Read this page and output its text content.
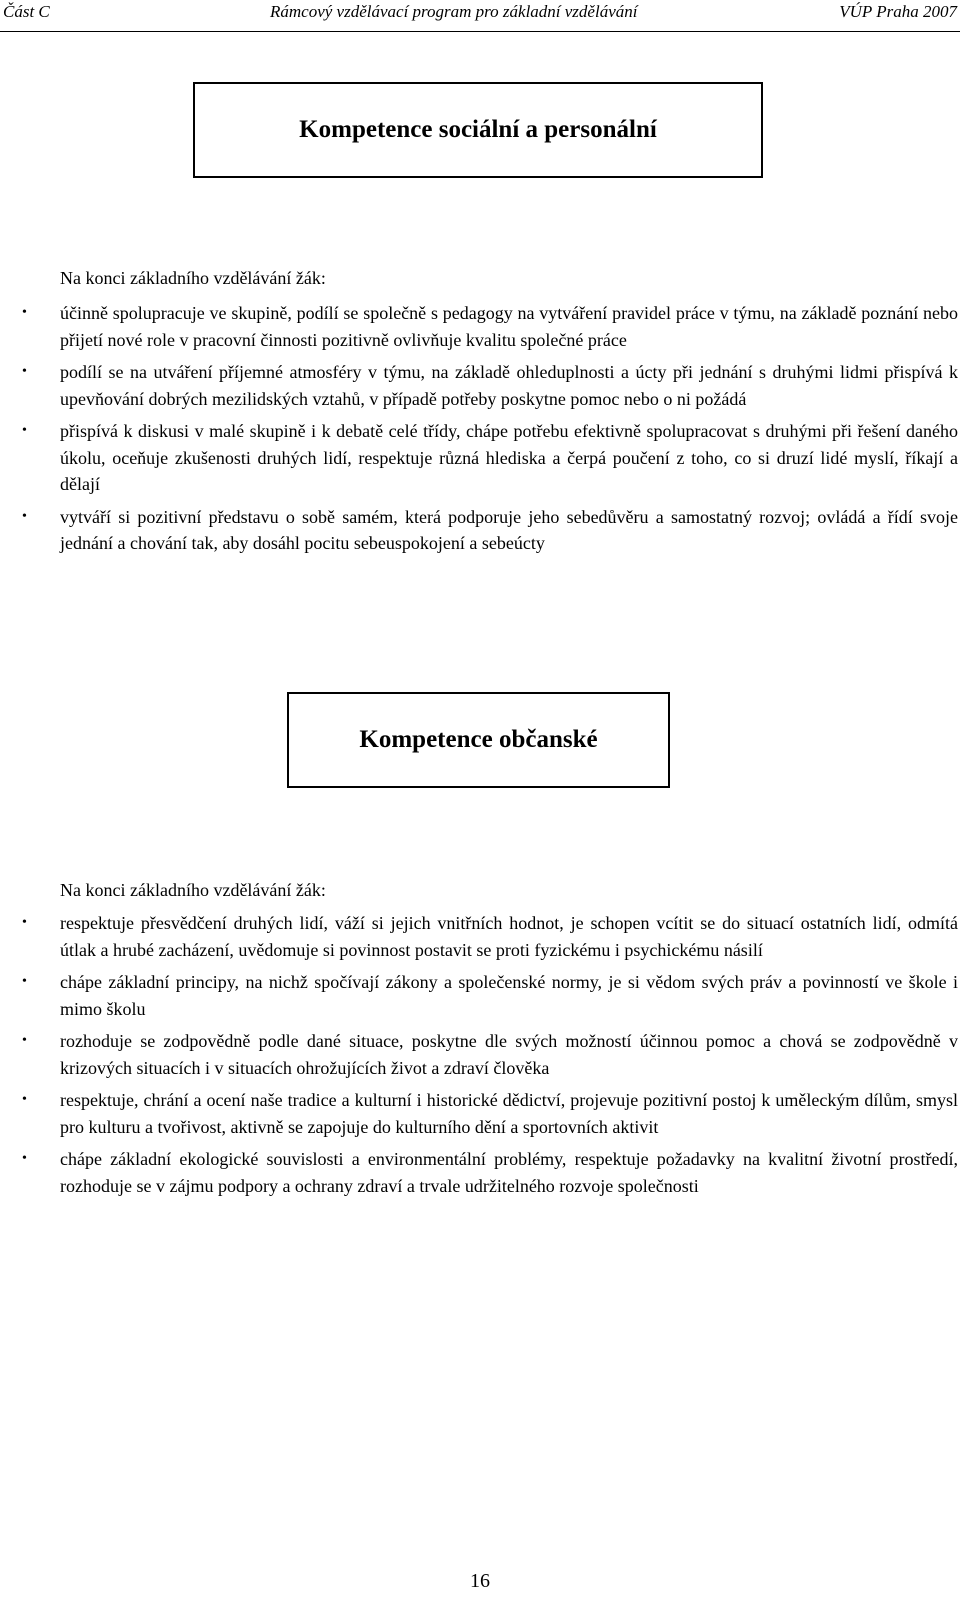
Část C	Rámcový vzdělávací program pro základní vzdělávání	VÚP Praha 2007
Kompetence sociální a personální
Na konci základního vzdělávání žák:
• účinně spolupracuje ve skupině, podílí se společně s pedagogy na vytváření pravidel práce v týmu, na základě poznání nebo přijetí nové role v pracovní činnosti pozitivně ovlivňuje kvalitu společné práce
• podílí se na utváření příjemné atmosféry v týmu, na základě ohleduplnosti a úcty při jednání s druhými lidmi přispívá k upevňování dobrých mezilidských vztahů, v případě potřeby poskytne pomoc nebo o ni požádá
• přispívá k diskusi v malé skupině i k debatě celé třídy, chápe potřebu efektivně spolupracovat s druhými při řešení daného úkolu, oceňuje zkušenosti druhých lidí, respektuje různá hlediska a čerpá poučení z toho, co si druzí lidé myslí, říkají a dělají
• vytváří si pozitivní představu o sobě samém, která podporuje jeho sebedůvěru a samostatný rozvoj; ovládá a řídí svoje jednání a chování tak, aby dosáhl pocitu sebeuspokojení a sebeúcty
Kompetence občanské
Na konci základního vzdělávání žák:
• respektuje přesvědčení druhých lidí, váží si jejich vnitřních hodnot, je schopen vcítit se do situací ostatních lidí, odmítá útlak a hrubé zacházení, uvědomuje si povinnost postavit se proti fyzickému i psychickému násilí
• chápe základní principy, na nichž spočívají zákony a společenské normy, je si vědom svých práv a povinností ve škole i mimo školu
• rozhoduje se zodpovědně podle dané situace, poskytne dle svých možností účinnou pomoc a chová se zodpovědně v krizových situacích i v situacích ohrožujících život a zdraví člověka
• respektuje, chrání a ocení naše tradice a kulturní i historické dědictví, projevuje pozitivní postoj k uměleckým dílům, smysl pro kulturu a tvořivost, aktivně se zapojuje do kulturního dění a sportovních aktivit
• chápe základní ekologické souvislosti a environmentální problémy, respektuje požadavky na kvalitní životní prostředí, rozhoduje se v zájmu podpory a ochrany zdraví a trvale udržitelného rozvoje společnosti
16
